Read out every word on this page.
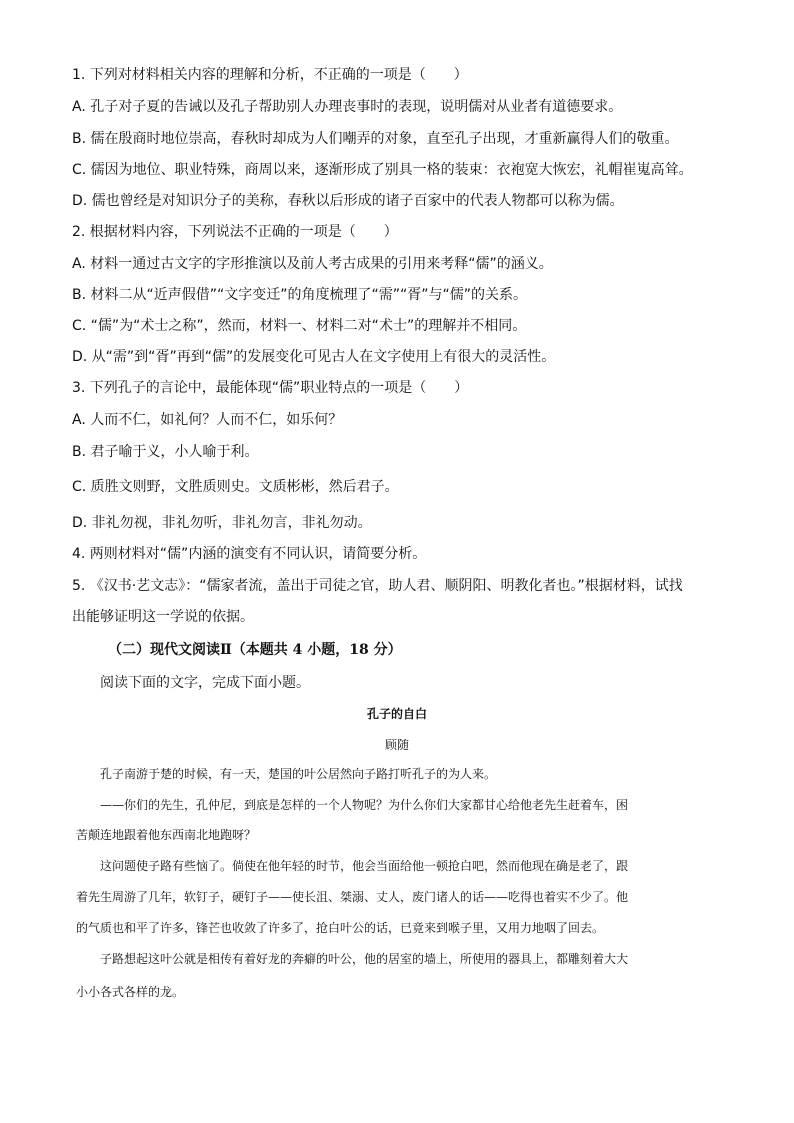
1. 下列对材料相关内容的理解和分析，不正确的一项是（　　）
A. 孔子对子夏的告诫以及孔子帮助别人办理丧事时的表现，说明儒对从业者有道德要求。
B. 儒在殷商时地位崇高，春秋时却成为人们嘲弄的对象，直至孔子出现，才重新赢得人们的敬重。
C. 儒因为地位、职业特殊，商周以来，逐渐形成了别具一格的装束：衣袍宽大恢宏，礼帽崔嵬高耸。
D. 儒也曾经是对知识分子的美称，春秋以后形成的诸子百家中的代表人物都可以称为儒。
2. 根据材料内容，下列说法不正确的一项是（　　）
A. 材料一通过古文字的字形推演以及前人考古成果的引用来考释“儒”的涵义。
B. 材料二从“近声假借”“文字变迁”的角度梳理了“需”“胥”与“儒”的关系。
C. “儒”为“术士之称”，然而，材料一、材料二对“术士”的理解并不相同。
D. 从“需”到“胥”再到“儒”的发展变化可见古人在文字使用上有很大的灵活性。
3. 下列孔子的言论中，最能体现“儒”职业特点的一项是（　　）
A. 人而不仁，如礼何？人而不仁，如乐何？
B. 君子喻于义，小人喻于利。
C. 质胜文则野，文胜质则史。文质彬彬，然后君子。
D. 非礼勿视，非礼勿听，非礼勿言，非礼勿动。
4. 两则材料对“儒”内涵的演变有不同认识，请简要分析。
5. 《汉书·艺文志》：“儒家者流，盖出于司徒之官，助人君、顺阴阳、明教化者也。”根据材料，试找
出能够证明这一学说的依据。
（二）现代文阅读Ⅱ（本题共 4 小题，18 分）
阅读下面的文字，完成下面小题。
孔子的自白
顾随
孔子南游于楚的时候，有一天，楚国的叶公居然向子路打听孔子的为人来。
——你们的先生，孔仲尼，到底是怎样的一个人物呢？为什么你们大家都甘心给他老先生赶着车，困
苦颠连地跟着他东西南北地跑呀？
这问题使子路有些恼了。倘使在他年轻的时节，他会当面给他一顿抢白吧，然而他现在确是老了，跟
着先生周游了几年，软钉子，硬钉子——使长沮、桀溺、丈人，废门诸人的话——吃得也着实不少了。他
的气质也和平了许多，锋芒也收敛了许多了，抢白叶公的话，已竟来到喉子里，又用力地咽了回去。
子路想起这叶公就是相传有着好龙的奔癖的叶公，他的居室的墙上，所使用的器具上，都雕刻着大大
小小各式各样的龙。
